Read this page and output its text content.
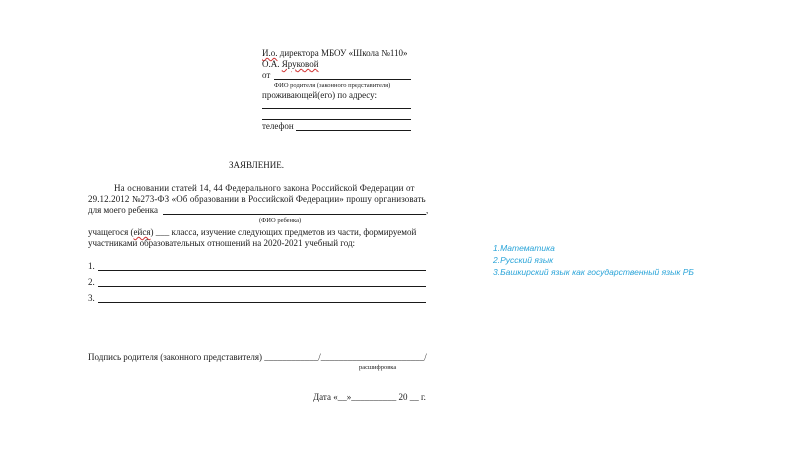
И.о. директора МБОУ «Школа №110»
О.А. Яруковой
от
ФИО родителя (законного представителя)
проживающей(его) по адресу:
телефон
ЗАЯВЛЕНИЕ.
На основании статей 14, 44 Федерального закона Российской Федерации от
29.12.2012 №273-ФЗ «Об образовании в Российской Федерации» прошу организовать
для моего ребенка	,
(ФИО ребенка)
учащегося (ейся) ___ класса, изучение следующих предметов из части, формируемой
участниками образовательных отношений на 2020-2021 учебный год:
1.
2.
3.
Подпись родителя (законного представителя) ____________/_______________________/
расшифровка
Дата «__»__________ 20 __ г.
1.Математика
2.Русский язык
3.Башкирский язык как государственный язык РБ
